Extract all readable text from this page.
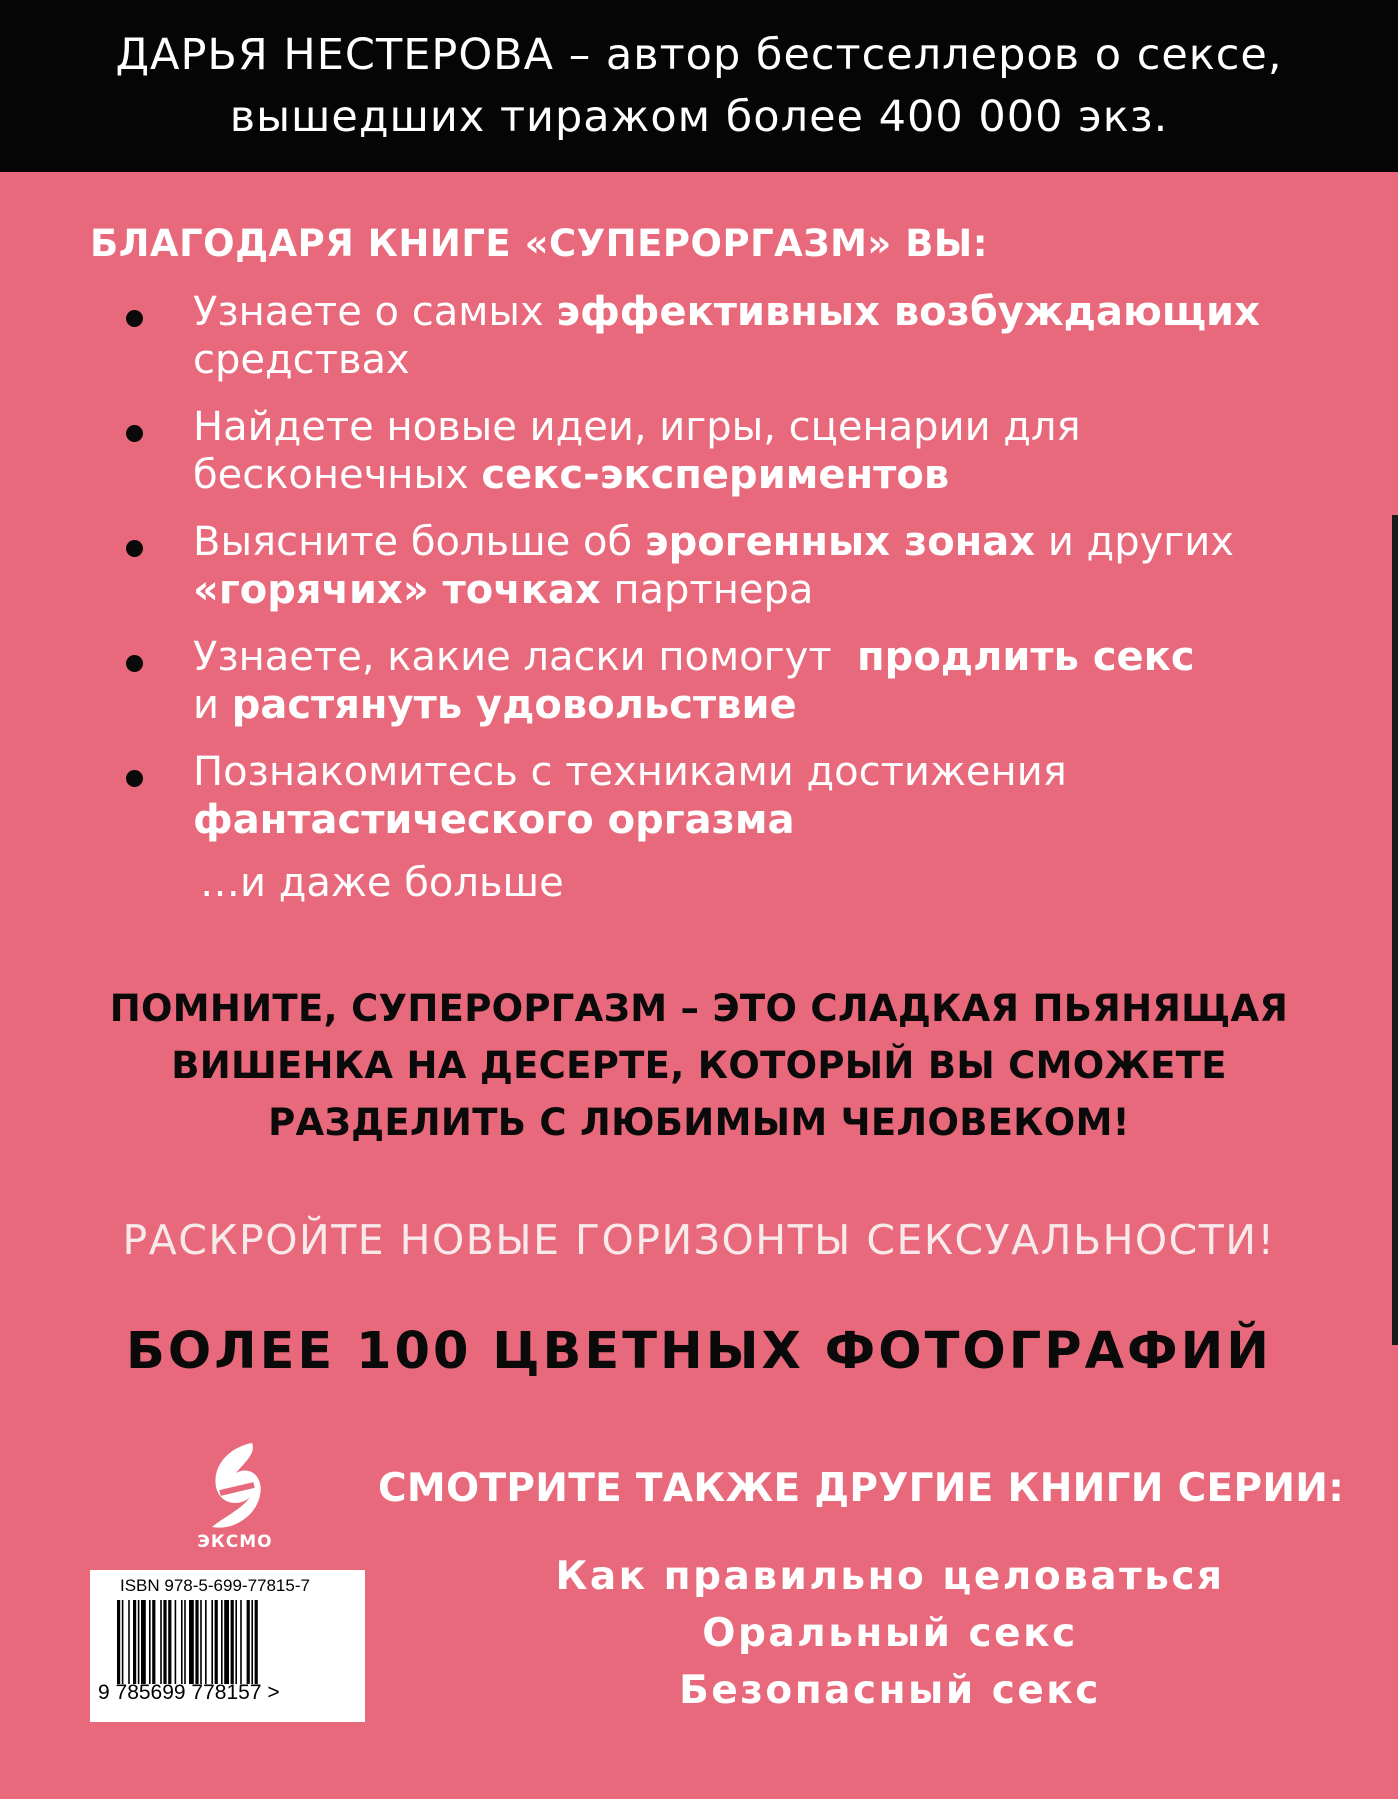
ДАРЬЯ НЕСТЕРОВА – автор бестселлеров о сексе,
вышедших тиражом более 400 000 экз.
БЛАГОДАРЯ КНИГЕ «СУПЕРОРГАЗМ» ВЫ:
Узнаете о самых эффективных возбуждающих
средствах
Найдете новые идеи, игры, сценарии для
бесконечных секс-экспериментов
Выясните больше об эрогенных зонах и других
«горячих» точках партнера
Узнаете, какие ласки помогут  продлить секс
и растянуть удовольствие
Познакомитесь с техниками достижения
фантастического оргазма
…и даже больше
ПОМНИТЕ, СУПЕРОРГАЗМ – ЭТО СЛАДКАЯ ПЬЯНЯЩАЯ
ВИШЕНКА НА ДЕСЕРТЕ, КОТОРЫЙ ВЫ СМОЖЕТЕ
РАЗДЕЛИТЬ С ЛЮБИМЫМ ЧЕЛОВЕКОМ!
РАСКРОЙТЕ НОВЫЕ ГОРИЗОНТЫ СЕКСУАЛЬНОСТИ!
БОЛЕЕ 100 ЦВЕТНЫХ ФОТОГРАФИЙ
ЭКСМО
СМОТРИТЕ ТАКЖЕ ДРУГИЕ КНИГИ СЕРИИ:
Как правильно целоваться
Оральный секс
Безопасный секс
ISBN 978-5-699-77815-7
9 785699 778157 >
